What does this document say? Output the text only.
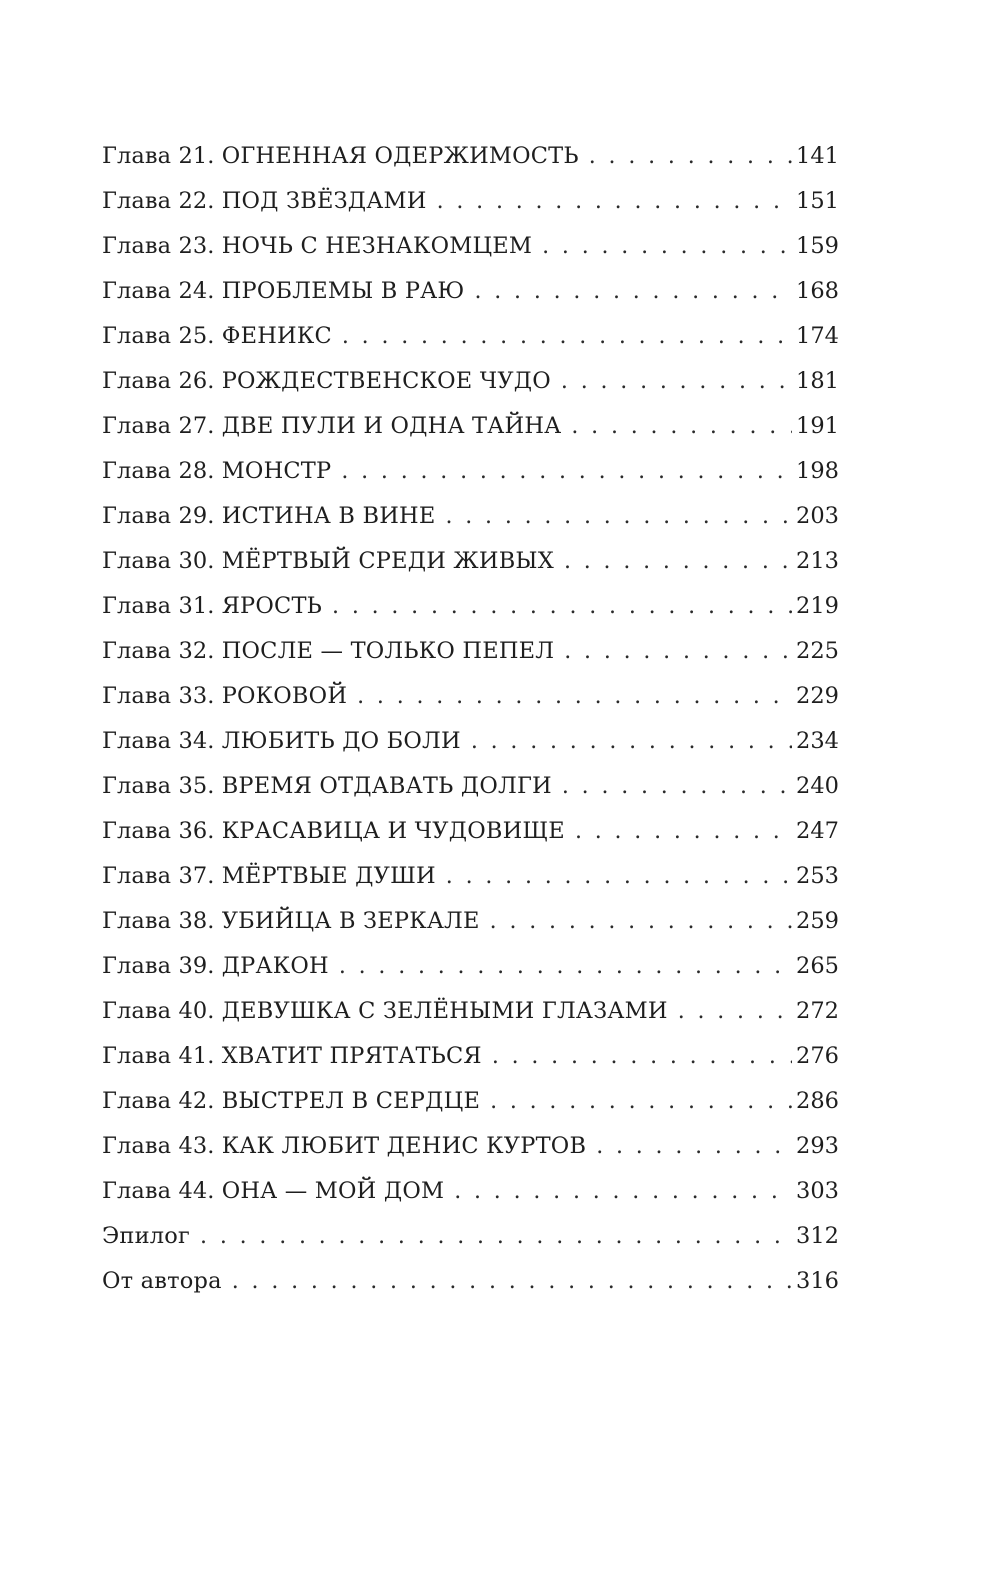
Глава 21. ОГНЕННАЯ ОДЕРЖИМОСТЬ . . .	141
Глава 22. ПОД ЗВЁЗДАМИ . . .	151
Глава 23. НОЧЬ С НЕЗНАКОМЦЕМ . . .	159
Глава 24. ПРОБЛЕМЫ В РАЮ . . .	168
Глава 25. ФЕНИКС . . .	174
Глава 26. РОЖДЕСТВЕНСКОЕ ЧУДО . . .	181
Глава 27. ДВЕ ПУЛИ И ОДНА ТАЙНА . . .	191
Глава 28. МОНСТР . . .	198
Глава 29. ИСТИНА В ВИНЕ . . .	203
Глава 30. МЁРТВЫЙ СРЕДИ ЖИВЫХ . . .	213
Глава 31. ЯРОСТЬ . . .	219
Глава 32. ПОСЛЕ — ТОЛЬКО ПЕПЕЛ . . .	225
Глава 33. РОКОВОЙ . . .	229
Глава 34. ЛЮБИТЬ ДО БОЛИ . . .	234
Глава 35. ВРЕМЯ ОТДАВАТЬ ДОЛГИ . . .	240
Глава 36. КРАСАВИЦА И ЧУДОВИЩЕ . . .	247
Глава 37. МЁРТВЫЕ ДУШИ . . .	253
Глава 38. УБИЙЦА В ЗЕРКАЛЕ . . .	259
Глава 39. ДРАКОН . . .	265
Глава 40. ДЕВУШКА С ЗЕЛЁНЫМИ ГЛАЗАМИ . . .	272
Глава 41. ХВАТИТ ПРЯТАТЬСЯ . . .	276
Глава 42. ВЫСТРЕЛ В СЕРДЦЕ . . .	286
Глава 43. КАК ЛЮБИТ ДЕНИС КУРТОВ . . .	293
Глава 44. ОНА — МОЙ ДОМ . . .	303
Эпилог . . .	312
От автора . . .	316
